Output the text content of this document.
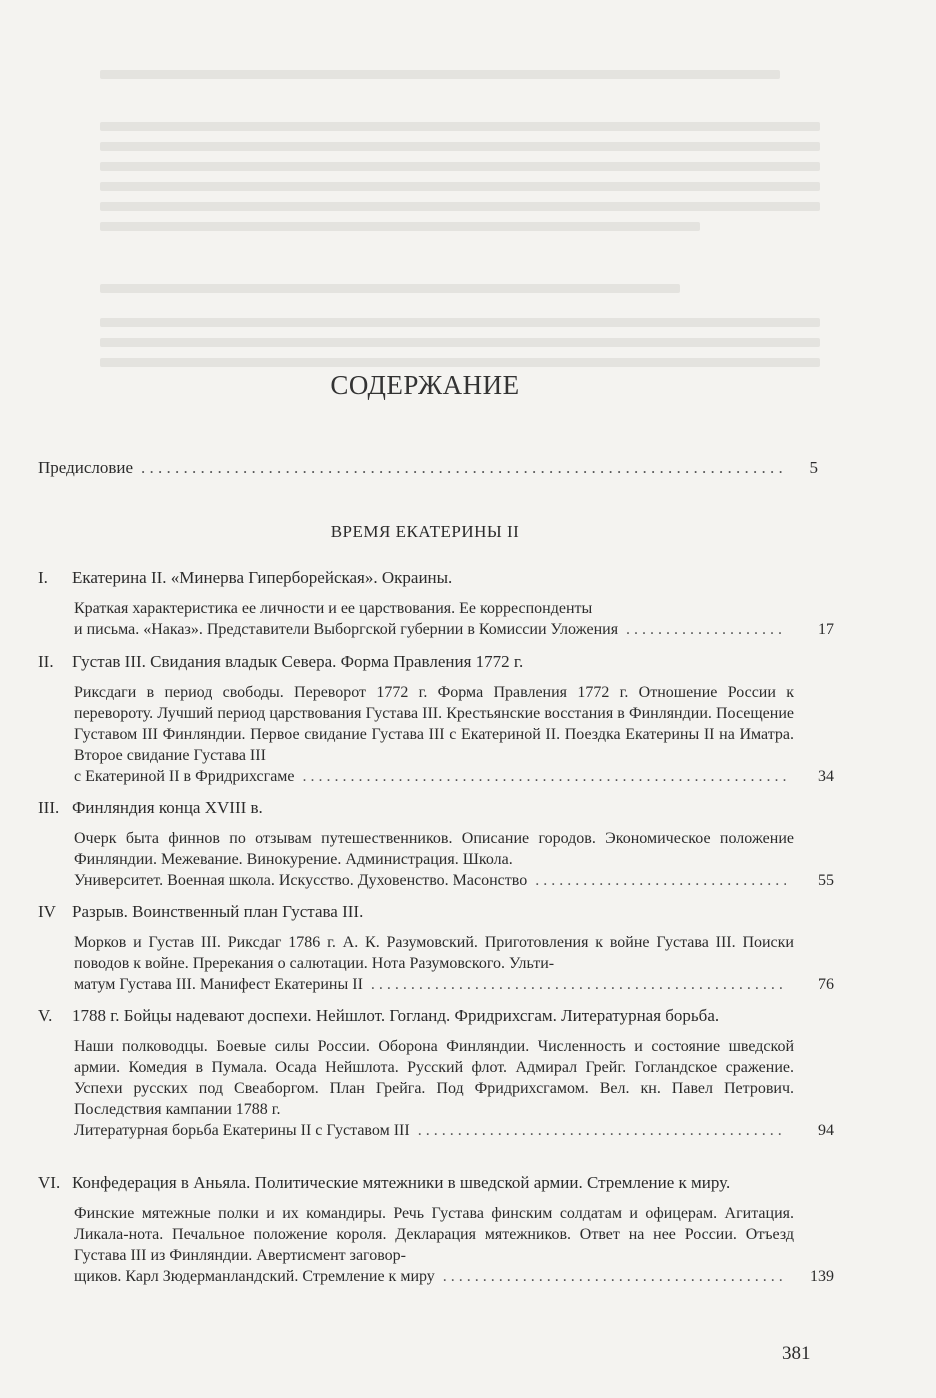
СОДЕРЖАНИЕ
Предисловие . . .	5
ВРЕМЯ ЕКАТЕРИНЫ II
I.	Екатерина II. «Минерва Гиперборейская». Окраины.
Краткая характеристика ее личности и ее царствования. Ее корреспонденты
и письма. «Наказ». Представители Выборгской губернии в Комиссии Уложения . . .	17
II.	Густав III. Свидания владык Севера. Форма Правления 1772 г.
Риксдаги в период свободы. Переворот 1772 г. Форма Правления 1772 г. Отношение России к перевороту. Лучший период царствования Густава III. Крестьянские восстания в Финляндии. Посещение Густавом III Финляндии. Первое свидание Густава III с Екатериной II. Поездка Екатерины II на Иматра. Второе свидание Густава III
с Екатериной II в Фридрихсгаме . . .	34
III. Финляндия конца XVIII в.
Очерк быта финнов по отзывам путешественников. Описание городов. Экономическое положение Финляндии. Межевание. Винокурение. Администрация. Школа.
Университет. Военная школа. Искусство. Духовенство. Масонство . . .	55
IV Разрыв. Воинственный план Густава III.
Морков и Густав III. Риксдаг 1786 г. А. К. Разумовский. Приготовления к войне Густава III. Поиски поводов к войне. Пререкания о салютации. Нота Разумовского. Ульти-
матум Густава III. Манифест Екатерины II . . .	76
V.	1788 г. Бойцы надевают доспехи. Нейшлот. Гогланд. Фридрихсгам. Литературная борьба.
Наши полководцы. Боевые силы России. Оборона Финляндии. Численность и состояние шведской армии. Комедия в Пумала. Осада Нейшлота. Русский флот. Адмирал Грейг. Гогландское сражение. Успехи русских под Свеаборгом. План Грейга. Под Фридрихсгамом. Вел. кн. Павел Петрович. Последствия кампании 1788 г.
Литературная борьба Екатерины II с Густавом III . . .	94
VI. Конфедерация в Аньяла. Политические мятежники в шведской армии. Стремление к миру.
Финские мятежные полки и их командиры. Речь Густава финским солдатам и офицерам. Агитация. Ликала-нота. Печальное положение короля. Декларация мятежников. Ответ на нее России. Отъезд Густава III из Финляндии. Авертисмент заговор-
щиков. Карл Зюдерманландский. Стремление к миру . . .	139
381
